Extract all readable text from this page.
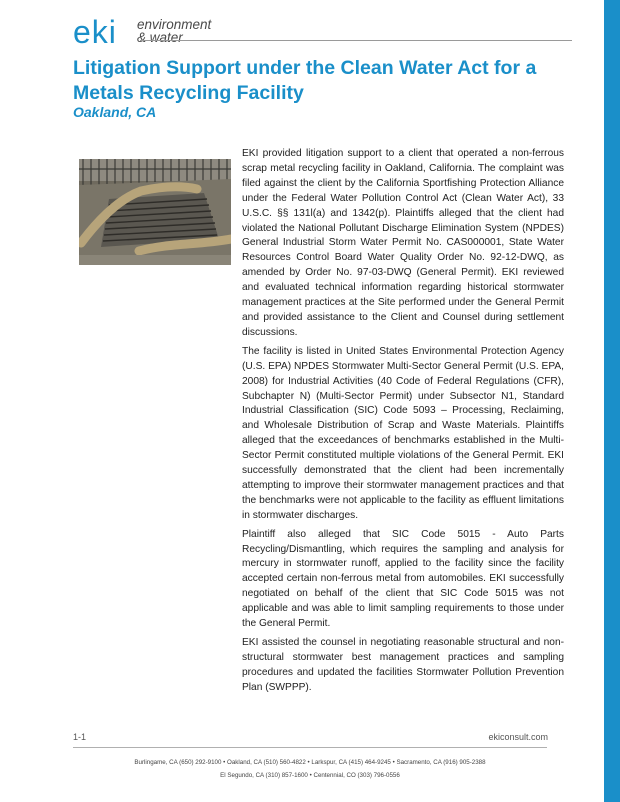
eki environment
& water
Litigation Support under the Clean Water Act for a Metals Recycling Facility
Oakland, CA

EKI provided litigation support to a client that operated a non-ferrous scrap metal recycling facility in Oakland, California. The complaint was filed against the client by the California Sportfishing Protection Alliance under the Federal Water Pollution Control Act (Clean Water Act), 33 U.S.C. §§ 131l(a) and 1342(p). Plaintiffs alleged that the client had violated the National Pollutant Discharge Elimination System (NPDES) General Industrial Storm Water Permit No. CAS000001, State Water Resources Control Board Water Quality Order No. 92-12-DWQ, as amended by Order No. 97-03-DWQ (General Permit). EKI reviewed and evaluated technical information regarding historical stormwater management practices at the Site performed under the General Permit and provided assistance to the Client and Counsel during settlement discussions.

The facility is listed in United States Environmental Protection Agency (U.S. EPA) NPDES Stormwater Multi-Sector General Permit (U.S. EPA, 2008) for Industrial Activities (40 Code of Federal Regulations (CFR), Subchapter N) (Multi-Sector Permit) under Subsector N1, Standard Industrial Classification (SIC) Code 5093 – Processing, Reclaiming, and Wholesale Distribution of Scrap and Waste Materials. Plaintiffs alleged that the exceedances of benchmarks established in the Multi-Sector Permit constituted multiple violations of the General Permit. EKI successfully demonstrated that the client had been incrementally attempting to improve their stormwater management practices and that the benchmarks were not applicable to the facility as effluent limitations in stormwater discharges.

Plaintiff also alleged that SIC Code 5015 - Auto Parts Recycling/Dismantling, which requires the sampling and analysis for mercury in stormwater runoff, applied to the facility since the facility accepted certain non-ferrous metal from automobiles. EKI successfully negotiated on behalf of the client that SIC Code 5015 was not applicable and was able to limit sampling requirements to those under the General Permit.

EKI assisted the counsel in negotiating reasonable structural and non-structural stormwater best management practices and sampling procedures and updated the facilities Stormwater Pollution Prevention Plan (SWPPP).

1-1	ekiconsult.com
Burlingame, CA (650) 292-9100 • Oakland, CA (510) 560-4822 • Larkspur, CA (415) 464-9245 • Sacramento, CA (916) 905-2388
El Segundo, CA (310) 857-1600 • Centennial, CO (303) 796-0556
